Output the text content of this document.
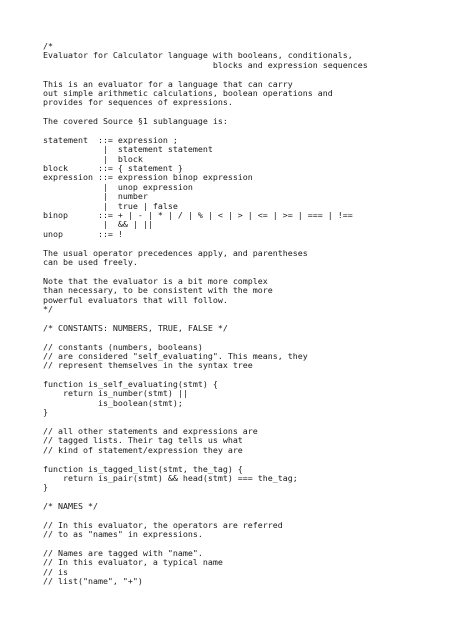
/*
Evaluator for Calculator language with booleans, conditionals,
blocks and expression sequences
This is an evaluator for a language that can carry
out simple arithmetic calculations, boolean operations and
provides for sequences of expressions.
The covered Source §1 sublanguage is:
statement  ::= expression ;
|  statement statement
|  block
block      ::= { statement }
expression ::= expression binop expression
|  unop expression
|  number
|  true | false
binop      ::= + | - | * | / | % | < | > | <= | >= | === | !==
|  && | ||
unop       ::= !
The usual operator precedences apply, and parentheses
can be used freely.
Note that the evaluator is a bit more complex
than necessary, to be consistent with the more
powerful evaluators that will follow.
*/
/* CONSTANTS: NUMBERS, TRUE, FALSE */
// constants (numbers, booleans)
// are considered "self_evaluating". This means, they
// represent themselves in the syntax tree
function is_self_evaluating(stmt) {
return is_number(stmt) ||
is_boolean(stmt);
}
// all other statements and expressions are
// tagged lists. Their tag tells us what
// kind of statement/expression they are
function is_tagged_list(stmt, the_tag) {
return is_pair(stmt) && head(stmt) === the_tag;
}
/* NAMES */
// In this evaluator, the operators are referred
// to as "names" in expressions.
// Names are tagged with "name".
// In this evaluator, a typical name
// is
// list("name", "+")
